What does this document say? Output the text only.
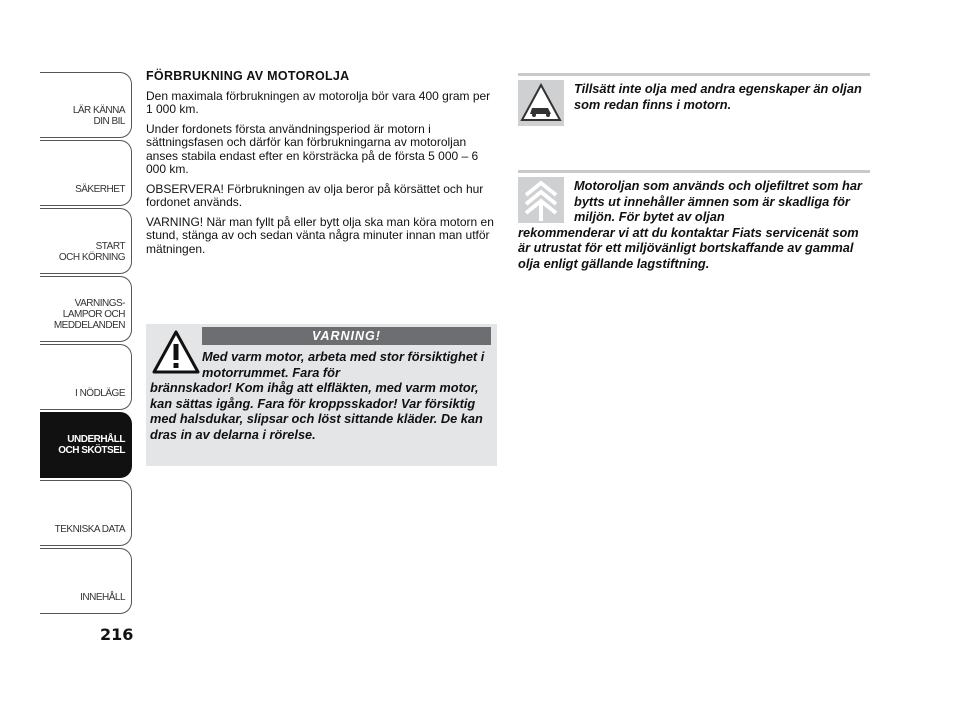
LÄR KÄNNA
DIN BIL
SÄKERHET
START
OCH KÖRNING
VARNINGS-
LAMPOR OCH
MEDDELANDEN
I NÖDLÄGE
UNDERHÅLL
OCH SKÖTSEL
TEKNISKA DATA
INNEHÅLL
216
FÖRBRUKNING AV MOTOROLJA

Den maximala förbrukningen av motorolja bör vara 400 gram per 1 000 km.

Under fordonets första användningsperiod är motorn i sättningsfasen och därför kan förbrukningarna av motoroljan anses stabila endast efter en körsträcka på de första 5 000 – 6 000 km.

OBSERVERA! Förbrukningen av olja beror på körsättet och hur fordonet används.

VARNING! När man fyllt på eller bytt olja ska man köra motorn en stund, stänga av och sedan vänta några minuter innan man utför mätningen.

VARNING!
Med varm motor, arbeta med stor försiktighet i motorrummet. Fara för
brännskador! Kom ihåg att elfläkten, med varm motor, kan sättas igång. Fara för kroppsskador! Var försiktig med halsdukar, slipsar och löst sittande kläder. De kan dras in av delarna i rörelse.
Tillsätt inte olja med andra egenskaper än oljan som redan finns i motorn.
Motoroljan som används och oljefiltret som har bytts ut innehåller ämnen som är skadliga för miljön. För bytet av oljan
rekommenderar vi att du kontaktar Fiats servicenät som är utrustat för ett miljövänligt bortskaffande av gammal olja enligt gällande lagstiftning.
